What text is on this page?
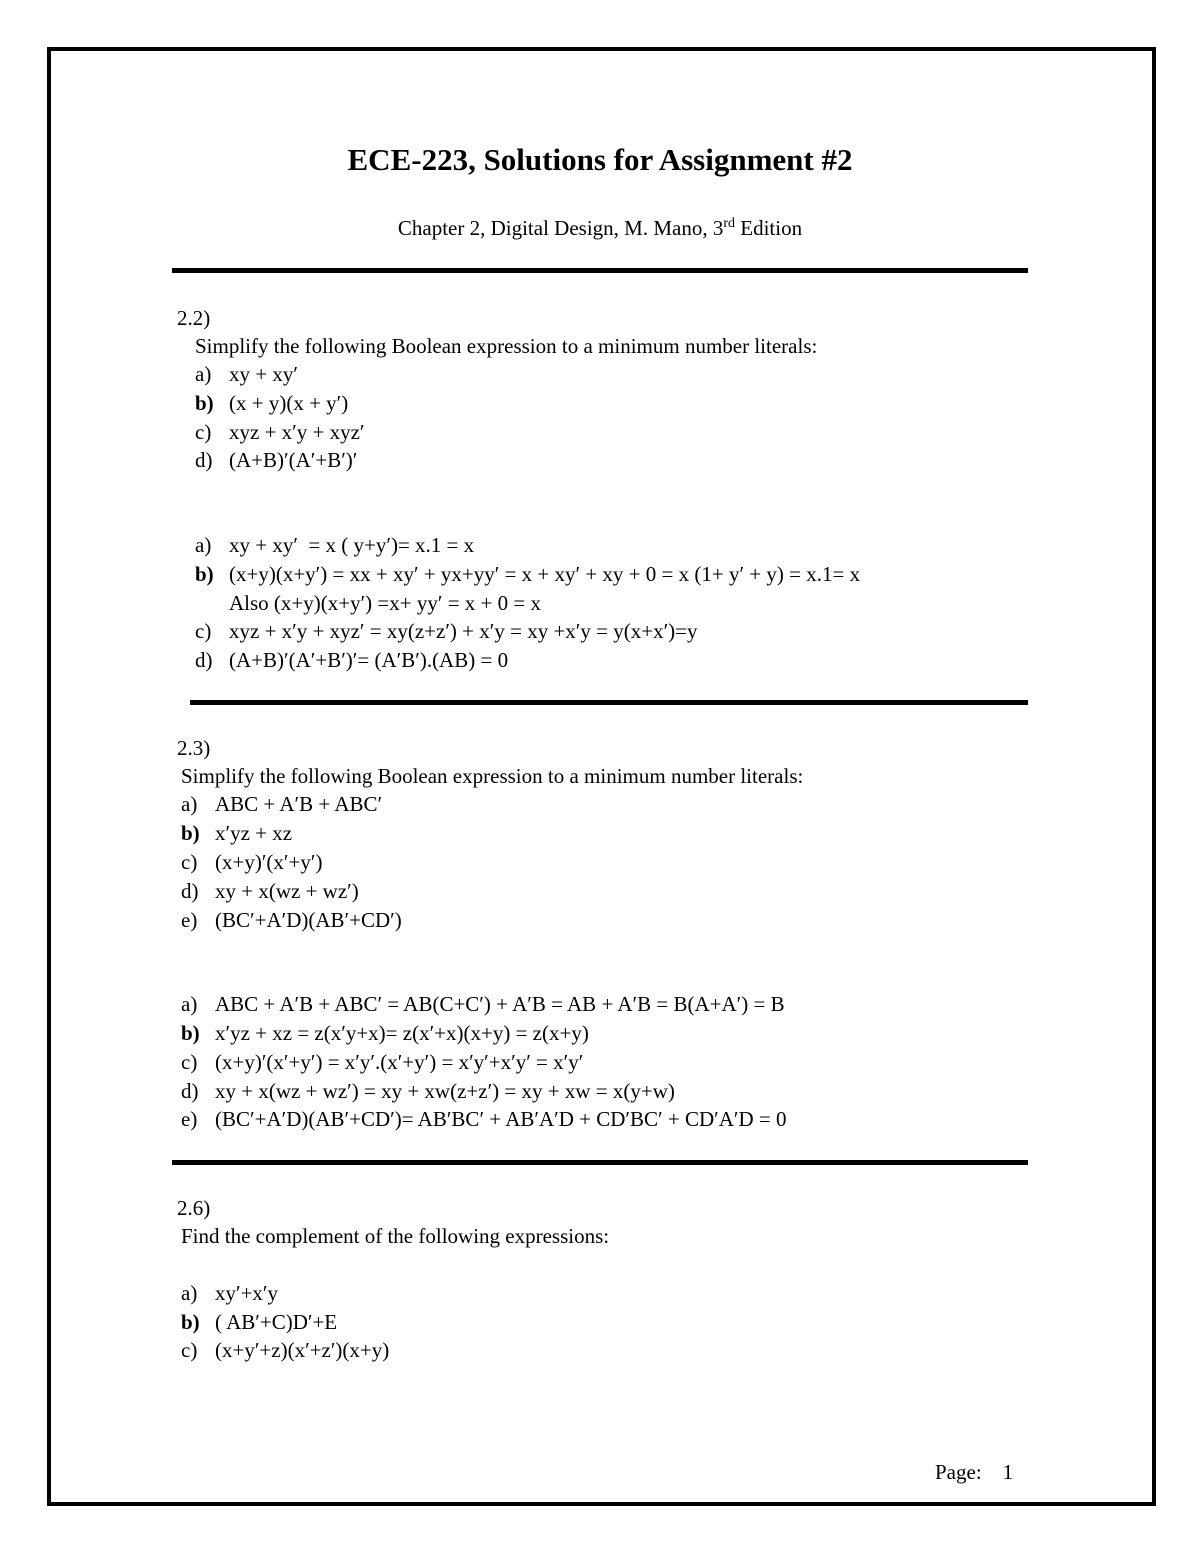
ECE-223, Solutions for Assignment #2
Chapter 2, Digital Design, M. Mano, 3rd Edition
2.2)
Simplify the following Boolean expression to a minimum number literals:
a) xy + xy′
b) (x + y)(x + y′)
c) xyz + x′y + xyz′
d) (A+B)′(A′+B′)′
a) xy + xy′  = x ( y+y′)= x.1 = x
b) (x+y)(x+y′) = xx + xy′ + yx+yy′ = x + xy′ + xy + 0 = x (1+ y′ + y) = x.1= x
Also (x+y)(x+y′) =x+ yy′ = x + 0 = x
c) xyz + x′y + xyz′ = xy(z+z′) + x′y = xy +x′y = y(x+x′)=y
d) (A+B)′(A′+B′)′= (A′B′).(AB) = 0
2.3)
Simplify the following Boolean expression to a minimum number literals:
a) ABC + A′B + ABC′
b) x′yz + xz
c) (x+y)′(x′+y′)
d) xy + x(wz + wz′)
e) (BC′+A′D)(AB′+CD′)
a) ABC + A′B + ABC′ = AB(C+C′) + A′B = AB + A′B = B(A+A′) = B
b) x′yz + xz = z(x′y+x)= z(x′+x)(x+y) = z(x+y)
c) (x+y)′(x′+y′) = x′y′.(x′+y′) = x′y′+x′y′ = x′y′
d) xy + x(wz + wz′) = xy + xw(z+z′) = xy + xw = x(y+w)
e) (BC′+A′D)(AB′+CD′)= AB′BC′ + AB′A′D + CD′BC′ + CD′A′D = 0
2.6)
Find the complement of the following expressions:
a) xy′+x′y
b) ( AB′+C)D′+E
c) (x+y′+z)(x′+z′)(x+y)
Page: 1
